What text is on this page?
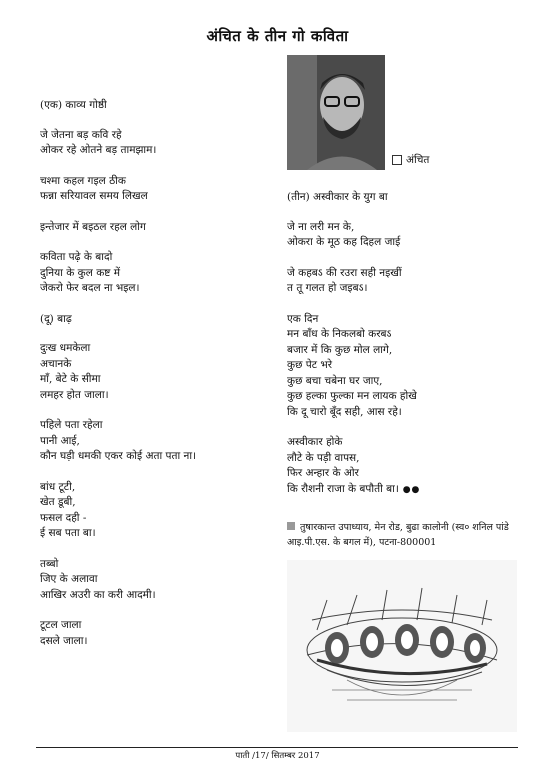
अंचित के तीन गो कविता

(एक) काव्य गोष्ठी

जे जेतना बड़ कवि रहे

ओकर रहे ओतने बड़ तामझाम।

चश्मा कहल गइल ठीक

फन्ना सरियावल समय लिखल

इन्तेजार में बइठल रहल लोग

कविता पढ़े के बादो

दुनिया के कुल कष्ट में

जेकरो फेर बदल ना भइल।

(दू) बाढ़

दुःख धमकेला

अचानके

माँ, बेटे के सीमा

लमहर होत जाला।

पहिले पता रहेला

पानी आई,

कौन घड़ी धमकी एकर कोई अता पता ना।

बांध टूटी,

खेत डूबी,

फसल दही -

ई सब पता बा।

तब्बो

जिए के अलावा

आखिर अउरी का करी आदमी।

टूटल जाला

दसले जाला।

अंचित

(तीन) अस्वीकार के युग बा

जे ना लरी मन के,

ओकरा के मूठ कह दिहल जाई

जे कहबऽ की रउरा सही नइखीं

त तू गलत हो जइबऽ।

एक दिन

मन बाँध के निकलबो करबऽ

बजार में कि कुछ मोल लागे,

कुछ पेट भरे

कुछ बचा चबेना घर जाए,

कुछ हल्का फुल्का मन लायक होखे

कि दू चारो बूँद सही, आस रहे।

अस्वीकार होके

लौटे के पड़ी वापस,

फिर अन्हार के ओर

कि रौशनी राजा के बपौती बा। ●●

तुषारकान्त उपाध्याय, मेन रोड, बुढा कालोनी (स्व० शनिल पांडे आइ.पी.एस. के बगल में), पटना-800001
पाती /17/ सितम्बर 2017
